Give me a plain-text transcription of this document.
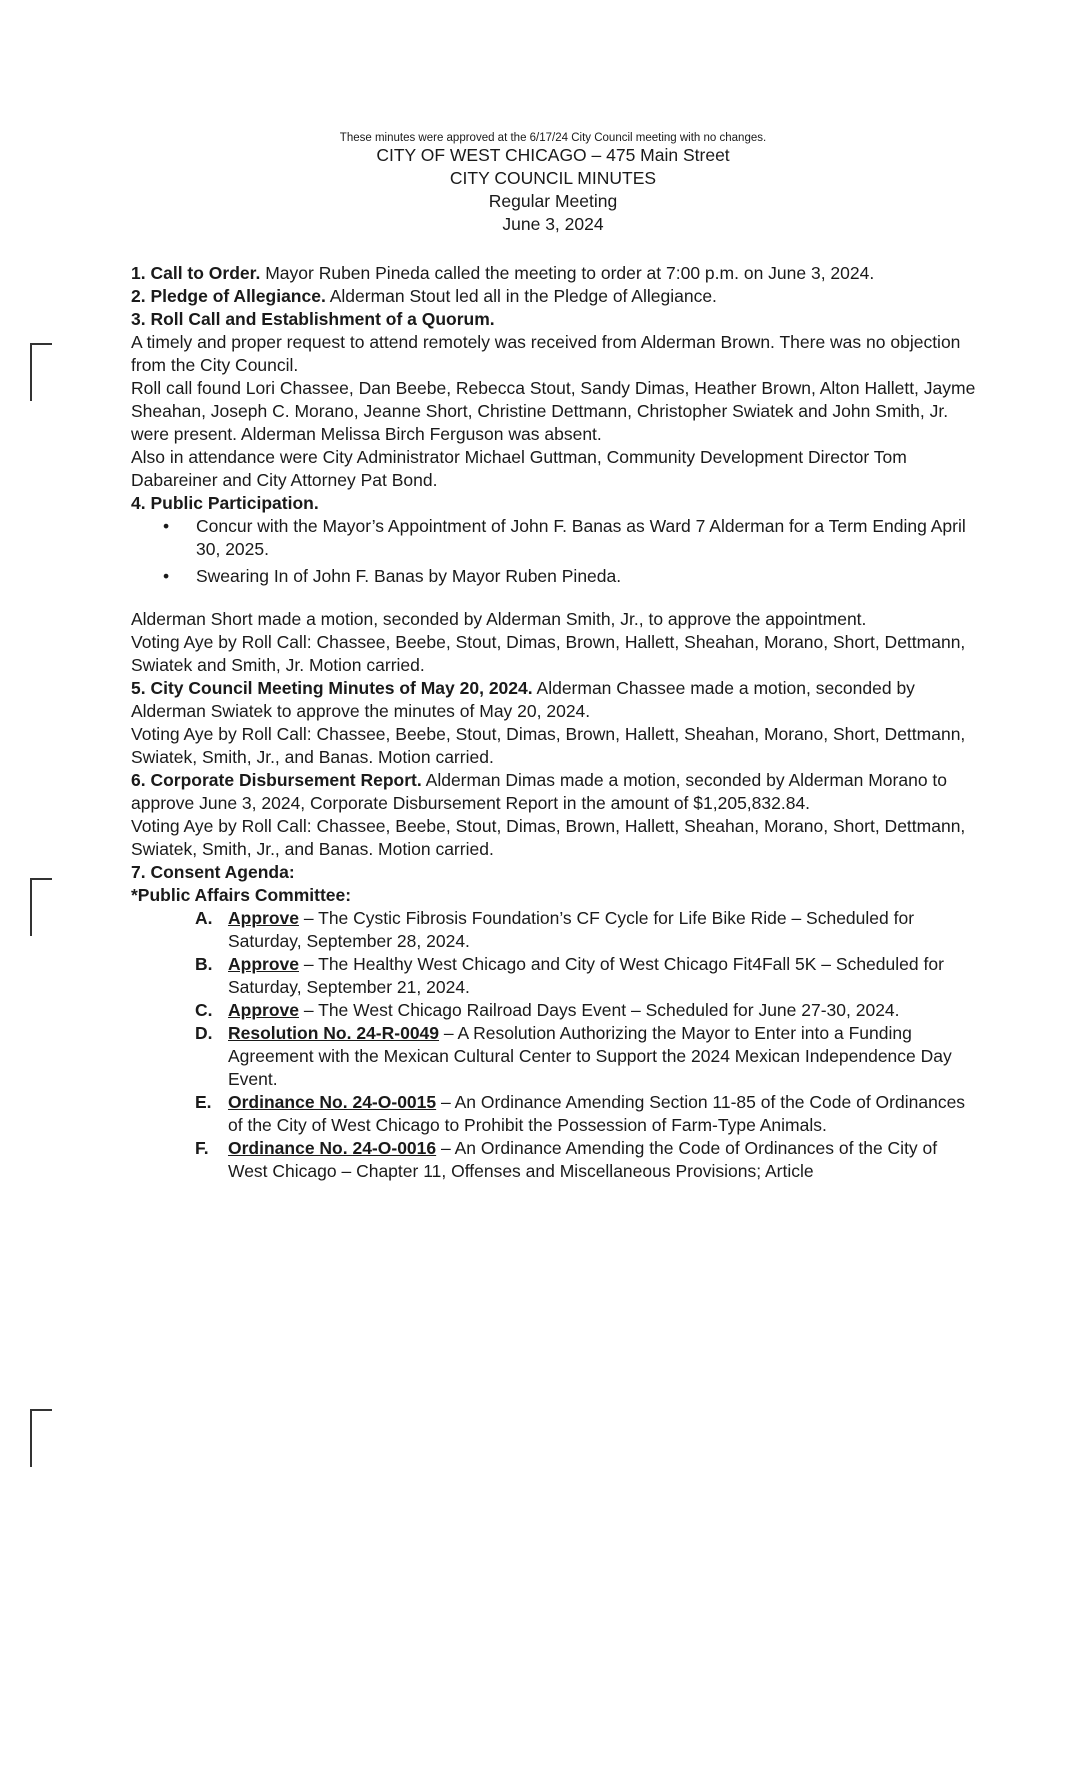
These minutes were approved at the 6/17/24 City Council meeting with no changes.
CITY OF WEST CHICAGO – 475 Main Street
CITY COUNCIL MINUTES
Regular Meeting
June 3, 2024

1. Call to Order. Mayor Ruben Pineda called the meeting to order at 7:00 p.m. on June 3, 2024.

2. Pledge of Allegiance. Alderman Stout led all in the Pledge of Allegiance.

3. Roll Call and Establishment of a Quorum.

A timely and proper request to attend remotely was received from Alderman Brown. There was no objection from the City Council.

Roll call found Lori Chassee, Dan Beebe, Rebecca Stout, Sandy Dimas, Heather Brown, Alton Hallett, Jayme Sheahan, Joseph C. Morano, Jeanne Short, Christine Dettmann, Christopher Swiatek and John Smith, Jr. were present. Alderman Melissa Birch Ferguson was absent.

Also in attendance were City Administrator Michael Guttman, Community Development Director Tom Dabareiner and City Attorney Pat Bond.

4. Public Participation.

• Concur with the Mayor’s Appointment of John F. Banas as Ward 7 Alderman for a Term Ending April 30, 2025.
• Swearing In of John F. Banas by Mayor Ruben Pineda.

Alderman Short made a motion, seconded by Alderman Smith, Jr., to approve the appointment.

Voting Aye by Roll Call: Chassee, Beebe, Stout, Dimas, Brown, Hallett, Sheahan, Morano, Short, Dettmann, Swiatek and Smith, Jr. Motion carried.

5. City Council Meeting Minutes of May 20, 2024. Alderman Chassee made a motion, seconded by Alderman Swiatek to approve the minutes of May 20, 2024.

Voting Aye by Roll Call: Chassee, Beebe, Stout, Dimas, Brown, Hallett, Sheahan, Morano, Short, Dettmann, Swiatek, Smith, Jr., and Banas. Motion carried.

6. Corporate Disbursement Report. Alderman Dimas made a motion, seconded by Alderman Morano to approve June 3, 2024, Corporate Disbursement Report in the amount of $1,205,832.84.

Voting Aye by Roll Call: Chassee, Beebe, Stout, Dimas, Brown, Hallett, Sheahan, Morano, Short, Dettmann, Swiatek, Smith, Jr., and Banas. Motion carried.

7. Consent Agenda:

*Public Affairs Committee:

A. Approve – The Cystic Fibrosis Foundation’s CF Cycle for Life Bike Ride – Scheduled for Saturday, September 28, 2024.

B. Approve – The Healthy West Chicago and City of West Chicago Fit4Fall 5K – Scheduled for Saturday, September 21, 2024.

C. Approve – The West Chicago Railroad Days Event – Scheduled for June 27-30, 2024.

D. Resolution No. 24-R-0049 – A Resolution Authorizing the Mayor to Enter into a Funding Agreement with the Mexican Cultural Center to Support the 2024 Mexican Independence Day Event.

E. Ordinance No. 24-O-0015 – An Ordinance Amending Section 11-85 of the Code of Ordinances of the City of West Chicago to Prohibit the Possession of Farm-Type Animals.

F. Ordinance No. 24-O-0016 – An Ordinance Amending the Code of Ordinances of the City of West Chicago – Chapter 11, Offenses and Miscellaneous Provisions; Article
